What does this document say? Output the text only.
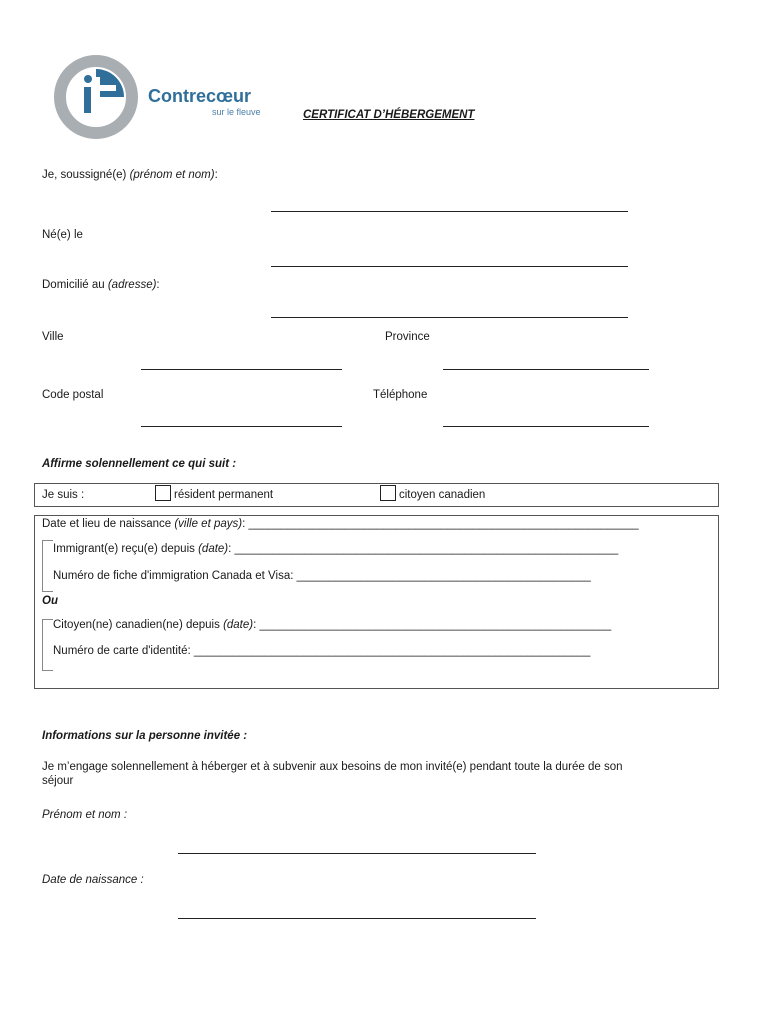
Contrecœur
sur le fleuve	CERTIFICAT D’HÉBERGEMENT
Je, soussigné(e) (prénom et nom):
Né(e) le
Domicilié au (adresse):
Ville	Province
Code postal	Téléphone
Affirme solennellement ce qui suit :
Je suis :	résident permanent	citoyen canadien
Date et lieu de naissance (ville et pays): _____________________________________________________________
Immigrant(e) reçu(e) depuis (date): ____________________________________________________________
Numéro de fiche d'immigration Canada et Visa: ______________________________________________
Ou
Citoyen(ne) canadien(ne) depuis (date): _______________________________________________________
Numéro de carte d'identité: ______________________________________________________________
Informations sur la personne invitée :
Je m’engage solennellement à héberger et à subvenir aux besoins de mon invité(e) pendant toute la durée de son
séjour
Prénom et nom :
Date de naissance :
